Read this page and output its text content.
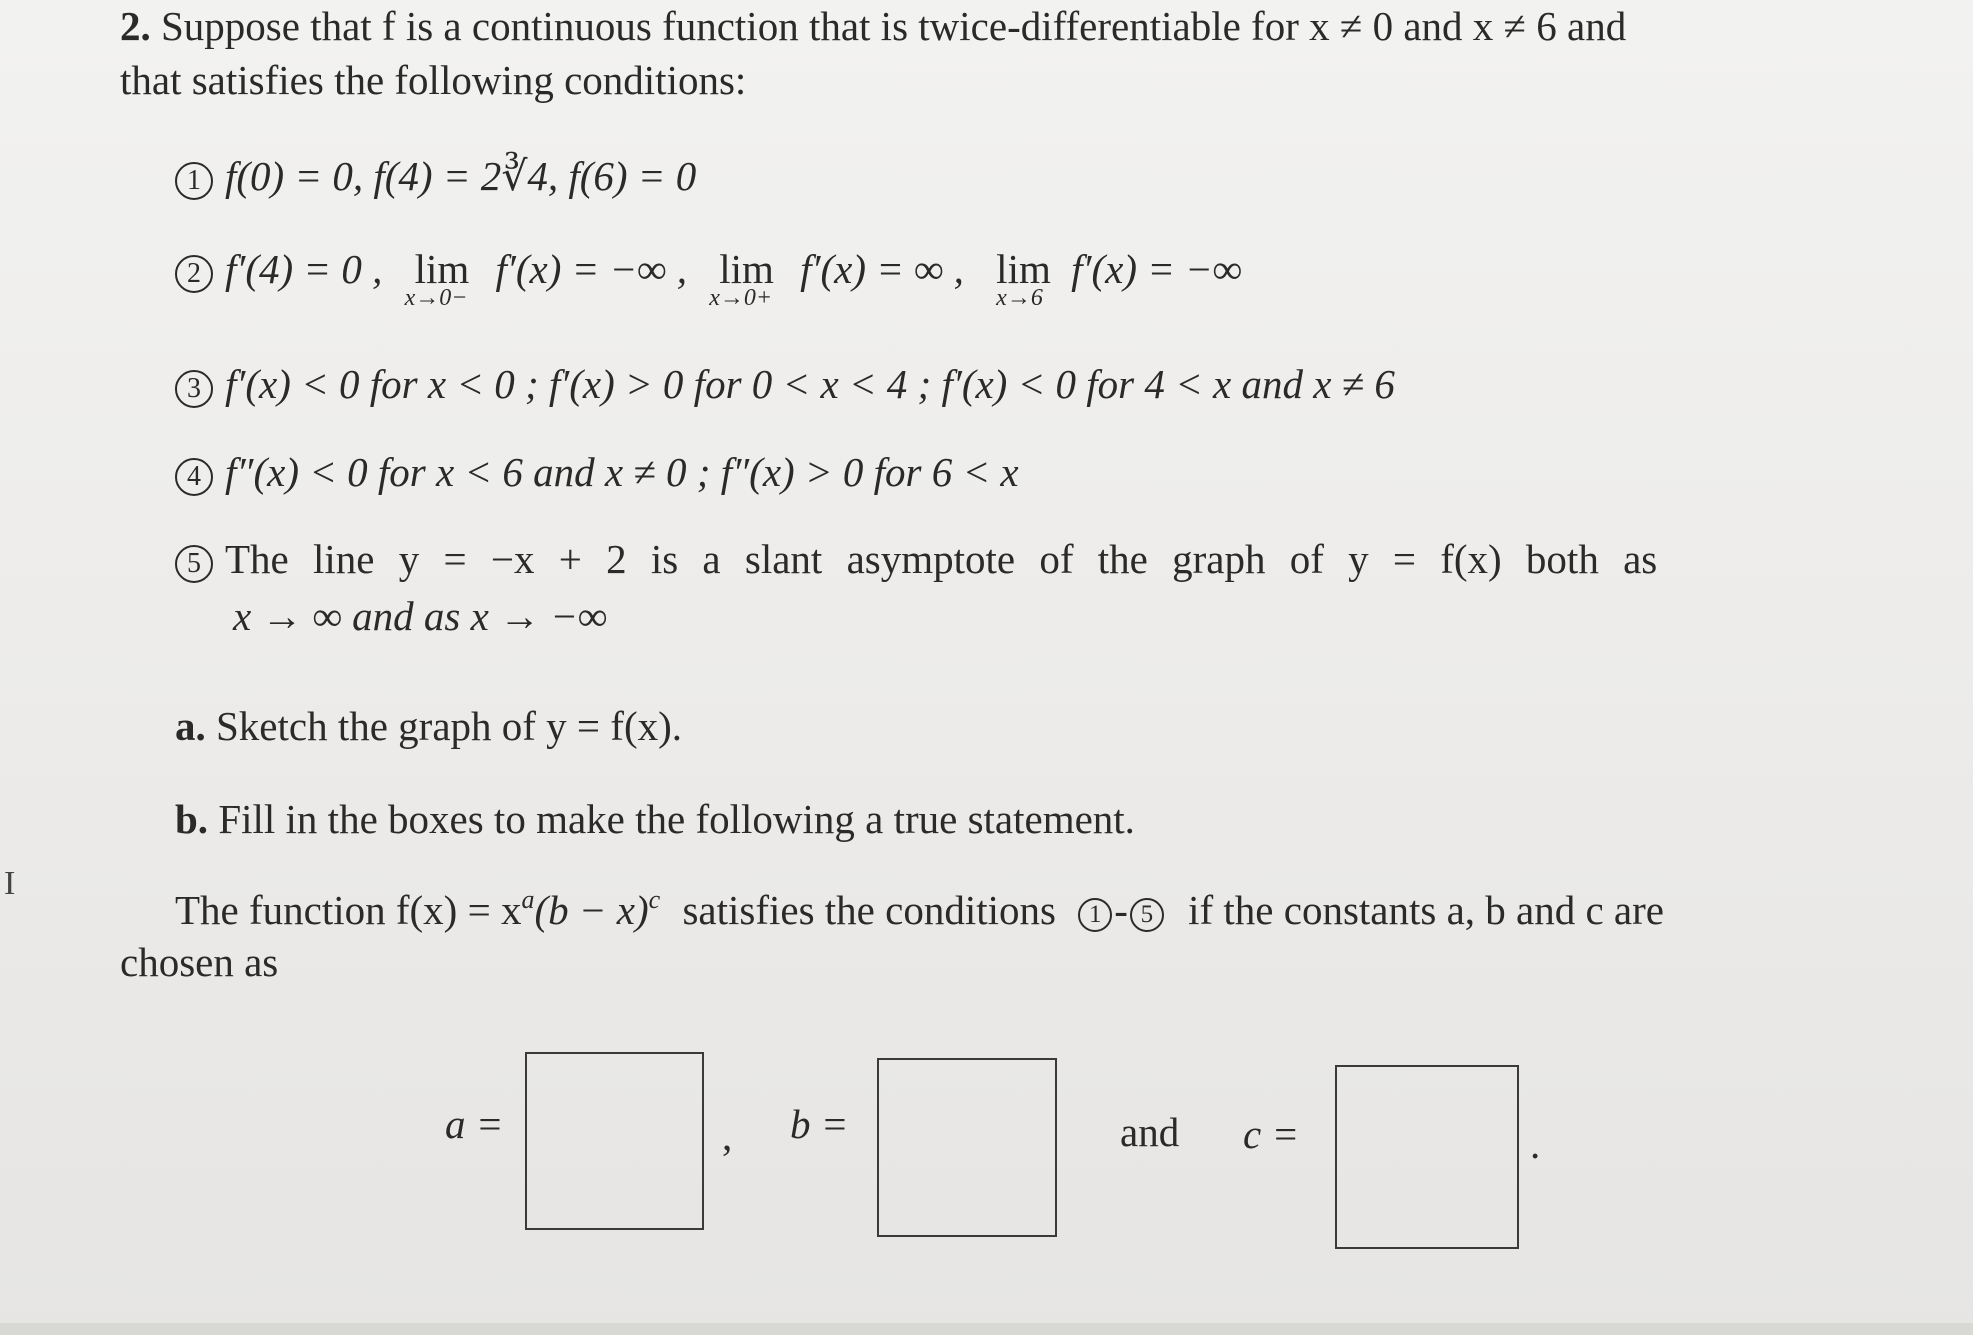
2. Suppose that f is a continuous function that is twice-differentiable for x ≠ 0 and x ≠ 6 and
that satisfies the following conditions:
1 f(0) = 0, f(4) = 2∛4, f(6) = 0
2 f′(4) = 0 , lim
x→0−
f′(x) = −∞ , lim
x→0+
f′(x) = ∞ , lim
x→6
f′(x) = −∞
3 f′(x) < 0 for x < 0 ; f′(x) > 0 for 0 < x < 4 ; f′(x) < 0 for 4 < x and x ≠ 6
4 f″(x) < 0 for x < 6 and x ≠ 0 ; f″(x) > 0 for 6 < x
5 The line y = −x + 2 is a slant asymptote of the graph of y = f(x) both as
x → ∞ and as x → −∞
a. Sketch the graph of y = f(x).
b. Fill in the boxes to make the following a true statement.
The function $f(x) = x^a(b - x)^c$ satisfies the conditions 1 - 5 if the constants a, b and c are
chosen as
a =	, b =	and c =	.
I
